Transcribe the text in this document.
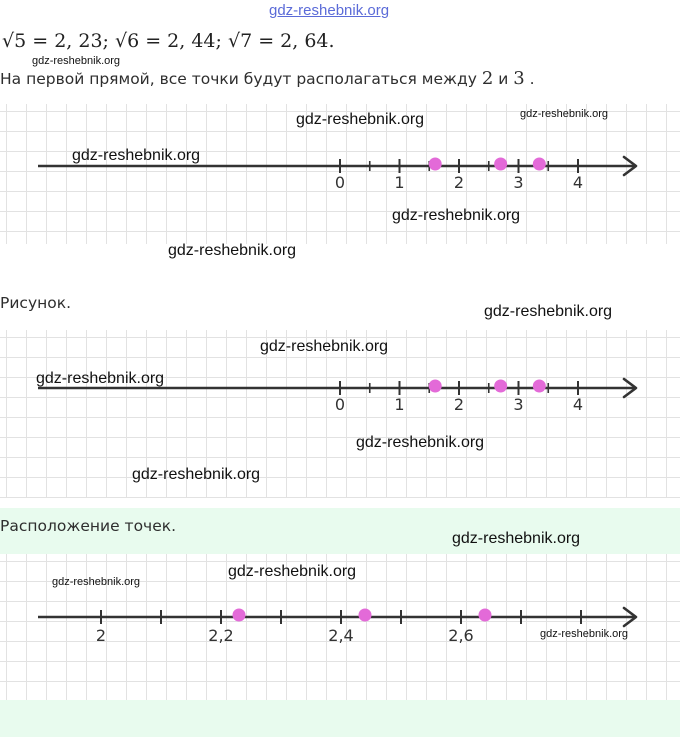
gdz-reshebnik.org
√5 = 2, 23; √6 = 2, 44; √7 = 2, 64.
gdz-reshebnik.org
На первой прямой, все точки будут располагаться между 2 и 3 .
0	1	2	3	4
gdz-reshebnik.org	gdz-reshebnik.org
gdz-reshebnik.org
gdz-reshebnik.org
gdz-reshebnik.org
Рисунок.	gdz-reshebnik.org
0	1	2	3	4
gdz-reshebnik.org
gdz-reshebnik.org
gdz-reshebnik.org
gdz-reshebnik.org
Расположение точек.
gdz-reshebnik.org
2	2,2	2,4	2,6
gdz-reshebnik.org
gdz-reshebnik.org
gdz-reshebnik.org
